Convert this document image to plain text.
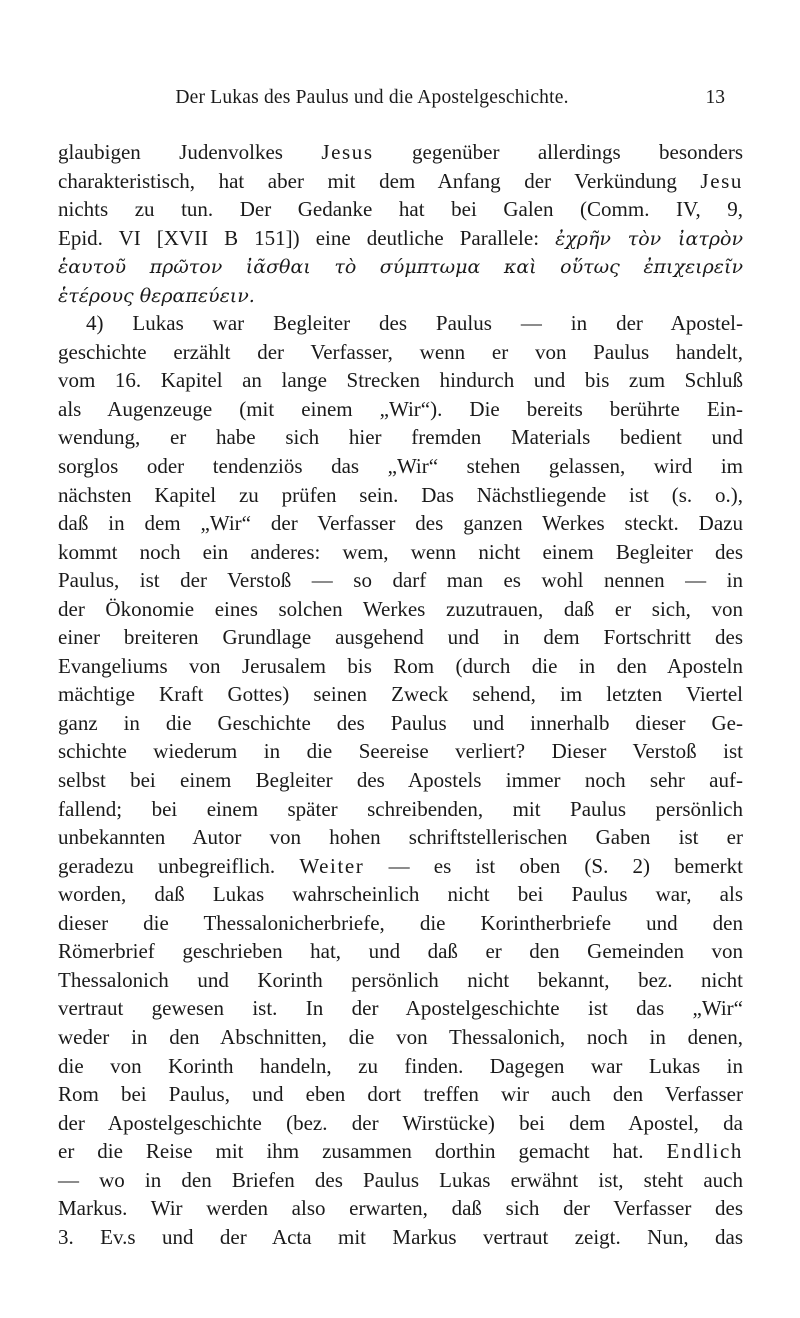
Der Lukas des Paulus und die Apostelgeschichte.	13
glaubigen Judenvolkes Jesus gegenüber allerdings besonders
charakteristisch, hat aber mit dem Anfang der Verkündung Jesu
nichts zu tun. Der Gedanke hat bei Galen (Comm. IV, 9,
Epid. VI [XVII B 151]) eine deutliche Parallele: ἐχρῆν τὸν ἰατρὸν
ἑαυτοῦ πρῶτον ἰᾶσθαι τὸ σύμπτωμα καὶ οὕτως ἐπιχειρεῖν
ἑτέρους θεραπεύειν.
4) Lukas war Begleiter des Paulus — in der Apostel-
geschichte erzählt der Verfasser, wenn er von Paulus handelt,
vom 16. Kapitel an lange Strecken hindurch und bis zum Schluß
als Augenzeuge (mit einem „Wir“). Die bereits berührte Ein-
wendung, er habe sich hier fremden Materials bedient und
sorglos oder tendenziös das „Wir“ stehen gelassen, wird im
nächsten Kapitel zu prüfen sein. Das Nächstliegende ist (s. o.),
daß in dem „Wir“ der Verfasser des ganzen Werkes steckt. Dazu
kommt noch ein anderes: wem, wenn nicht einem Begleiter des
Paulus, ist der Verstoß — so darf man es wohl nennen — in
der Ökonomie eines solchen Werkes zuzutrauen, daß er sich, von
einer breiteren Grundlage ausgehend und in dem Fortschritt des
Evangeliums von Jerusalem bis Rom (durch die in den Aposteln
mächtige Kraft Gottes) seinen Zweck sehend, im letzten Viertel
ganz in die Geschichte des Paulus und innerhalb dieser Ge-
schichte wiederum in die Seereise verliert? Dieser Verstoß ist
selbst bei einem Begleiter des Apostels immer noch sehr auf-
fallend; bei einem später schreibenden, mit Paulus persönlich
unbekannten Autor von hohen schriftstellerischen Gaben ist er
geradezu unbegreiflich. Weiter — es ist oben (S. 2) bemerkt
worden, daß Lukas wahrscheinlich nicht bei Paulus war, als
dieser die Thessalonicherbriefe, die Korintherbriefe und den
Römerbrief geschrieben hat, und daß er den Gemeinden von
Thessalonich und Korinth persönlich nicht bekannt, bez. nicht
vertraut gewesen ist. In der Apostelgeschichte ist das „Wir“
weder in den Abschnitten, die von Thessalonich, noch in denen,
die von Korinth handeln, zu finden. Dagegen war Lukas in
Rom bei Paulus, und eben dort treffen wir auch den Verfasser
der Apostelgeschichte (bez. der Wirstücke) bei dem Apostel, da
er die Reise mit ihm zusammen dorthin gemacht hat. Endlich
— wo in den Briefen des Paulus Lukas erwähnt ist, steht auch
Markus. Wir werden also erwarten, daß sich der Verfasser des
3. Ev.s und der Acta mit Markus vertraut zeigt. Nun, das
